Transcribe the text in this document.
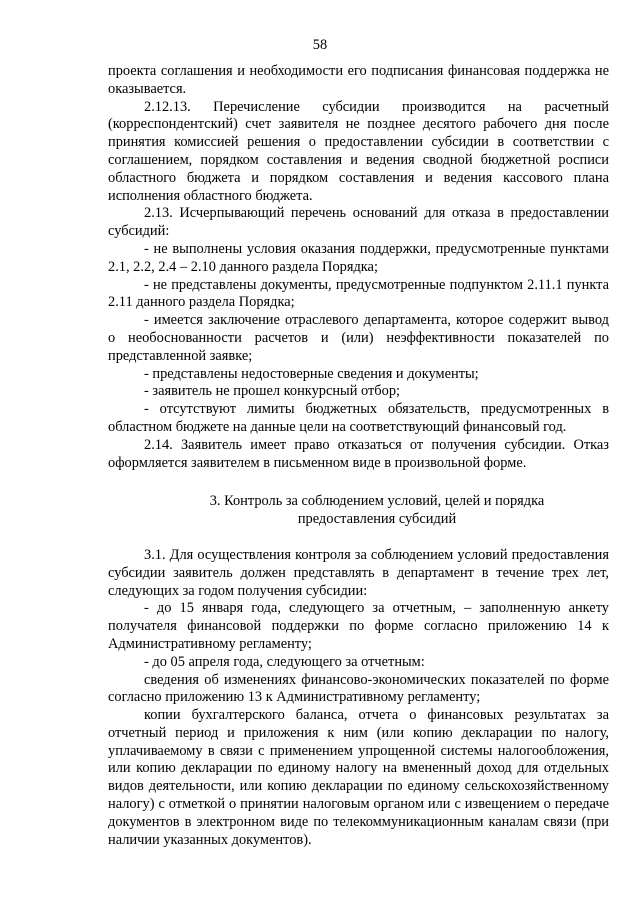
58

проекта соглашения и необходимости его подписания финансовая поддержка не оказывается.

2.12.13. Перечисление субсидии производится на расчетный (корреспондентский) счет заявителя не позднее десятого рабочего дня после принятия комиссией решения о предоставлении субсидии в соответствии с соглашением, порядком составления и ведения сводной бюджетной росписи областного бюджета и порядком составления и ведения кассового плана исполнения областного бюджета.

2.13. Исчерпывающий перечень оснований для отказа в предоставлении субсидий:

- не выполнены условия оказания поддержки, предусмотренные пунктами 2.1, 2.2, 2.4 – 2.10 данного раздела Порядка;

- не представлены документы, предусмотренные подпунктом 2.11.1 пункта 2.11 данного раздела Порядка;

- имеется заключение отраслевого департамента, которое содержит вывод о необоснованности расчетов и (или) неэффективности показателей по представленной заявке;

- представлены недостоверные сведения и документы;

- заявитель не прошел конкурсный отбор;

- отсутствуют лимиты бюджетных обязательств, предусмотренных в областном бюджете на данные цели на соответствующий финансовый год.

2.14. Заявитель имеет право отказаться от получения субсидии. Отказ оформляется заявителем в письменном виде в произвольной форме.

3. Контроль за соблюдением условий, целей и порядка

предоставления субсидий

3.1. Для осуществления контроля за соблюдением условий предоставления субсидии заявитель должен представлять в департамент в течение трех лет, следующих за годом получения субсидии:

- до 15 января года, следующего за отчетным, – заполненную анкету получателя финансовой поддержки по форме согласно приложению 14 к Административному регламенту;

- до 05 апреля года, следующего за отчетным:

сведения об изменениях финансово-экономических показателей по форме согласно приложению 13 к Административному регламенту;

копии бухгалтерского баланса, отчета о финансовых результатах за отчетный период и приложения к ним (или копию декларации по налогу, уплачиваемому в связи с применением упрощенной системы налогообложения, или копию декларации по единому налогу на вмененный доход для отдельных видов деятельности, или копию декларации по единому сельскохозяйственному налогу) с отметкой о принятии налоговым органом или с извещением о передаче документов в электронном виде по телекоммуникационным каналам связи (при наличии указанных документов).
